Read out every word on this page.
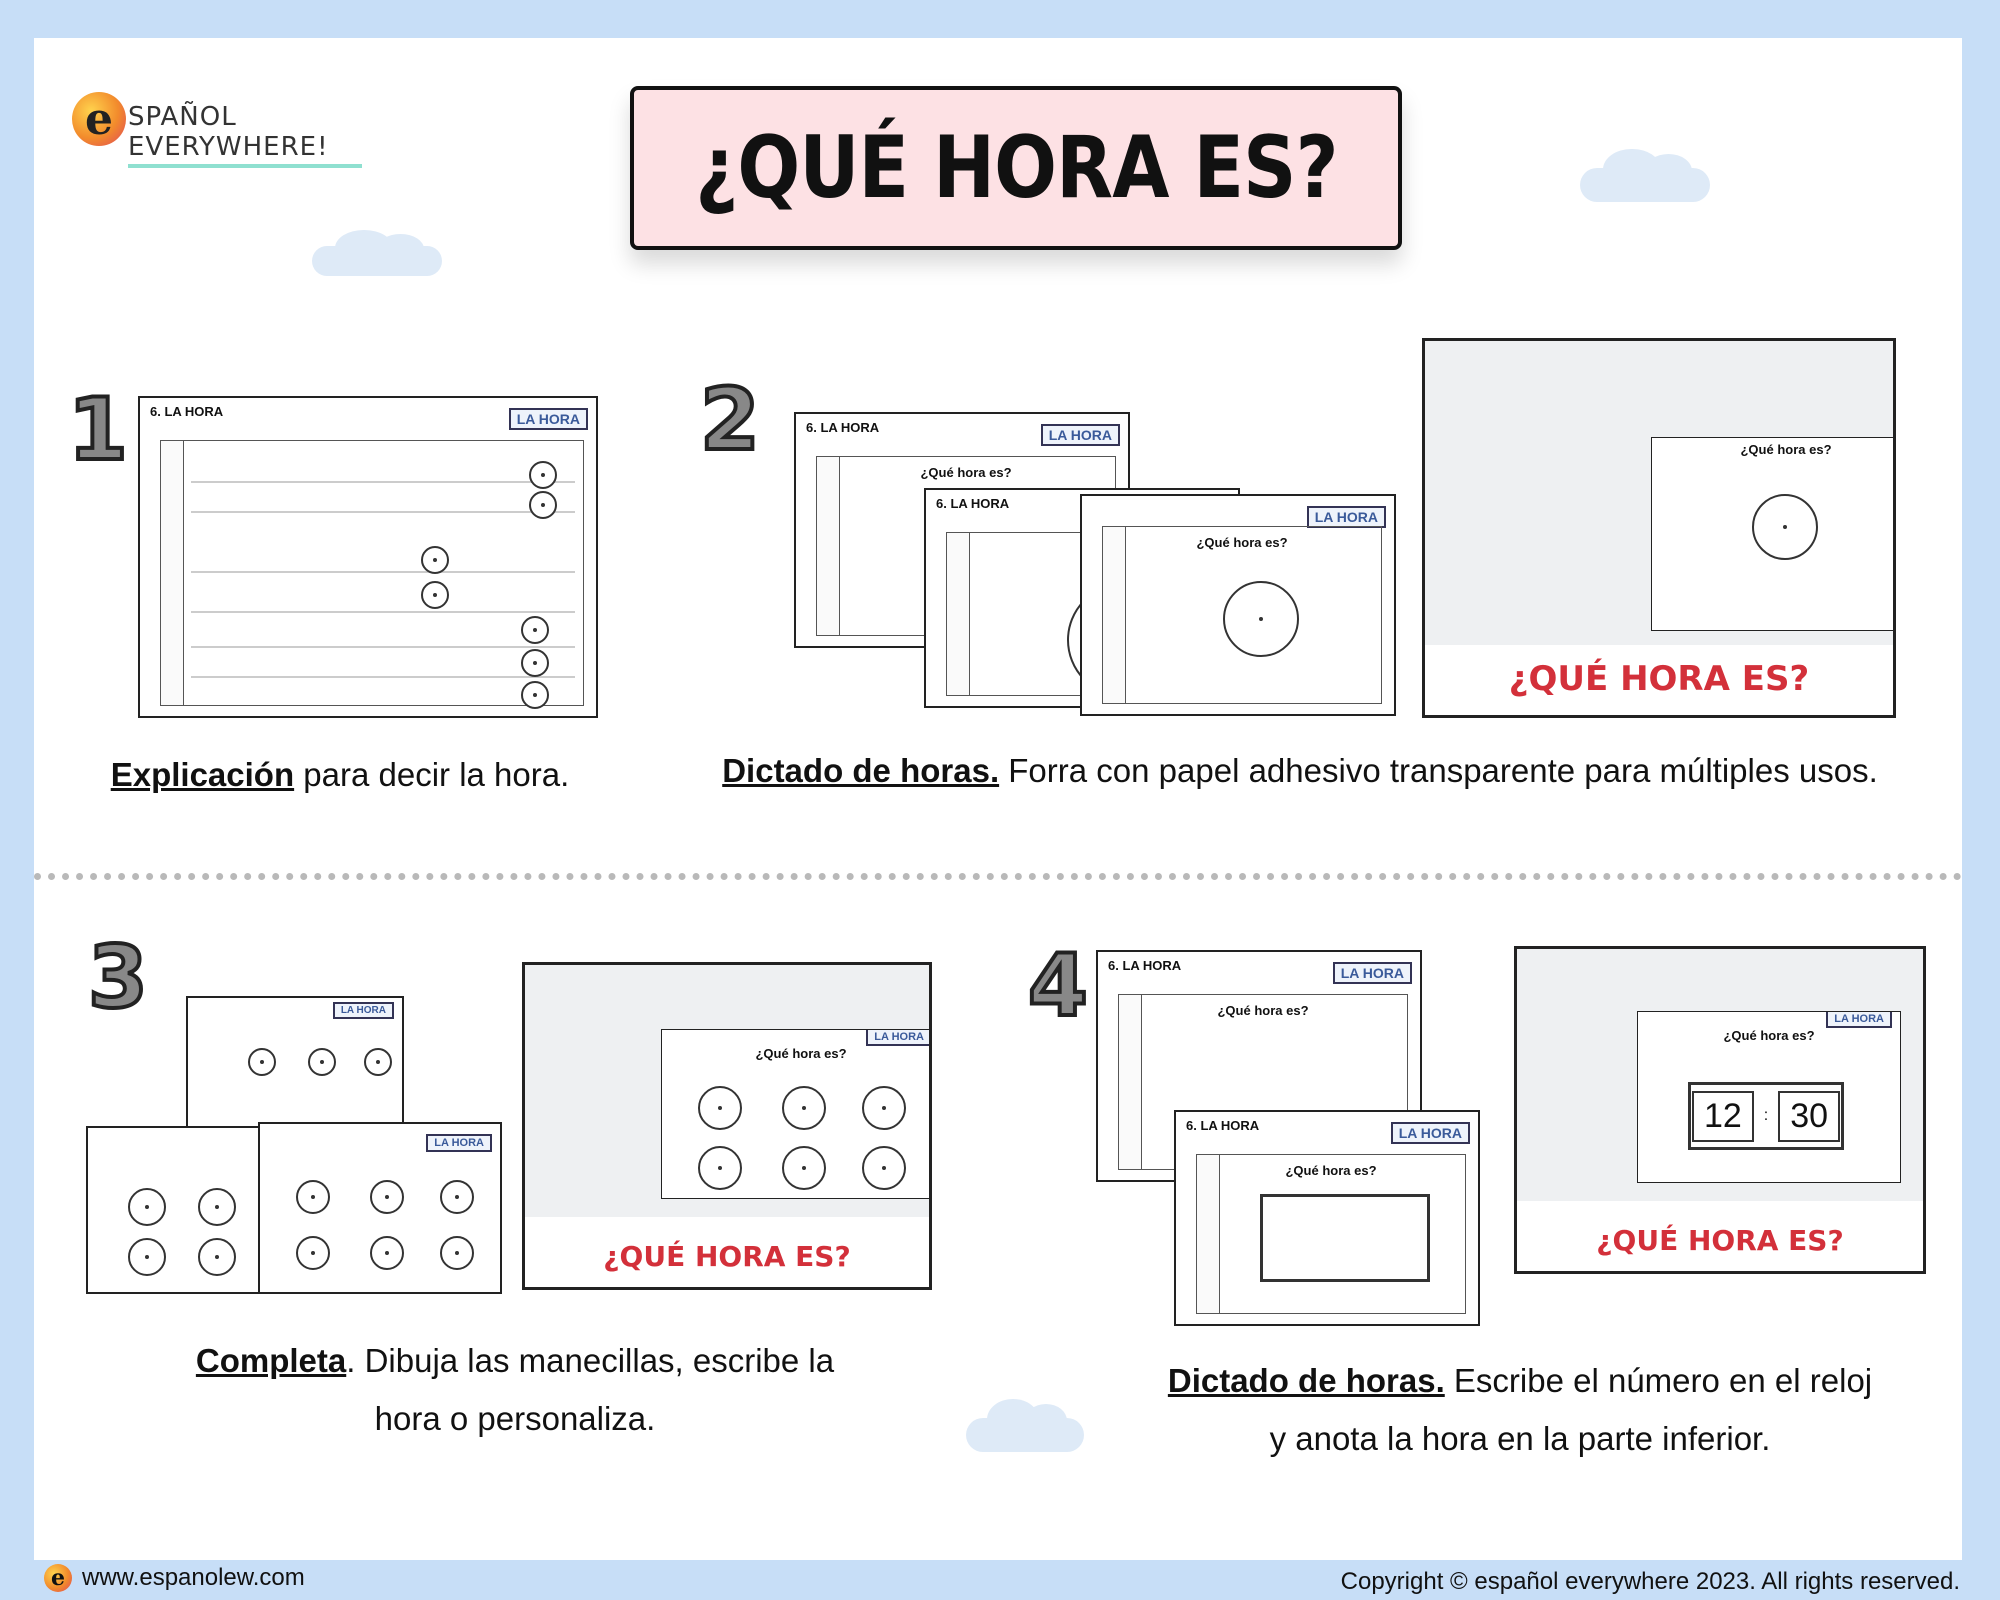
e SPAÑOL EVERYWHERE!	¿QUÉ HORA ES?
1 6. LA HORA	LA HORA
Explicación para decir la hora.
2	6. LA HORA	LA HORA
¿Qué hora es?
6. LA HORA
LA HORA
¿Qué hora es?
¿Qué hora es?
¿QUÉ HORA ES?
Dictado de horas. Forra con papel adhesivo transparente para múltiples usos.
3	LA HORA
LA HORA
LA HORA
¿Qué hora es?
¿QUÉ HORA ES?
Completa. Dibuja las manecillas, escribe la hora o personaliza.
4 6. LA HORA	LA HORA
¿Qué hora es?
6. LA HORA	LA HORA
¿Qué hora es?
LA HORA
¿Qué hora es?
12	: 30
¿QUÉ HORA ES?
Dictado de horas. Escribe el número en el reloj y anota la hora en la parte inferior.
e www.espanolew.com	Copyright © español everywhere 2023. All rights reserved.
